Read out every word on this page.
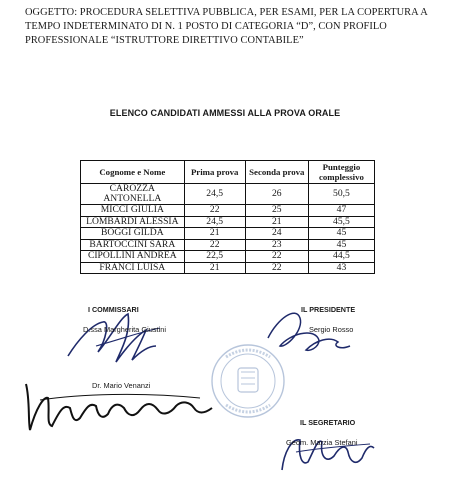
OGGETTO: PROCEDURA SELETTIVA PUBBLICA, PER ESAMI, PER LA COPERTURA A
TEMPO INDETERMINATO DI N. 1 POSTO DI CATEGORIA “D”, CON PROFILO
PROFESSIONALE “ISTRUTTORE DIRETTIVO CONTABILE”
ELENCO CANDIDATI AMMESSI ALLA PROVA ORALE
Cognome e Nome	Prima prova	Seconda prova	Punteggio complessivo
CAROZZA ANTONELLA	24,5	26	50,5
MICCI GIULIA	22	25	47
LOMBARDI ALESSIA	24,5	21	45,5
BOGGI GILDA	21	24	45
BARTOCCINI SARA	22	23	45
CIPOLLINI ANDREA	22,5	22	44,5
FRANCI LUISA	21	22	43
I COMMISSARI
D.ssa Margherita Giustini
Dr. Mario Venanzi
IL PRESIDENTE
Sergio Rosso
IL SEGRETARIO
Geom. Marzia Stefani
